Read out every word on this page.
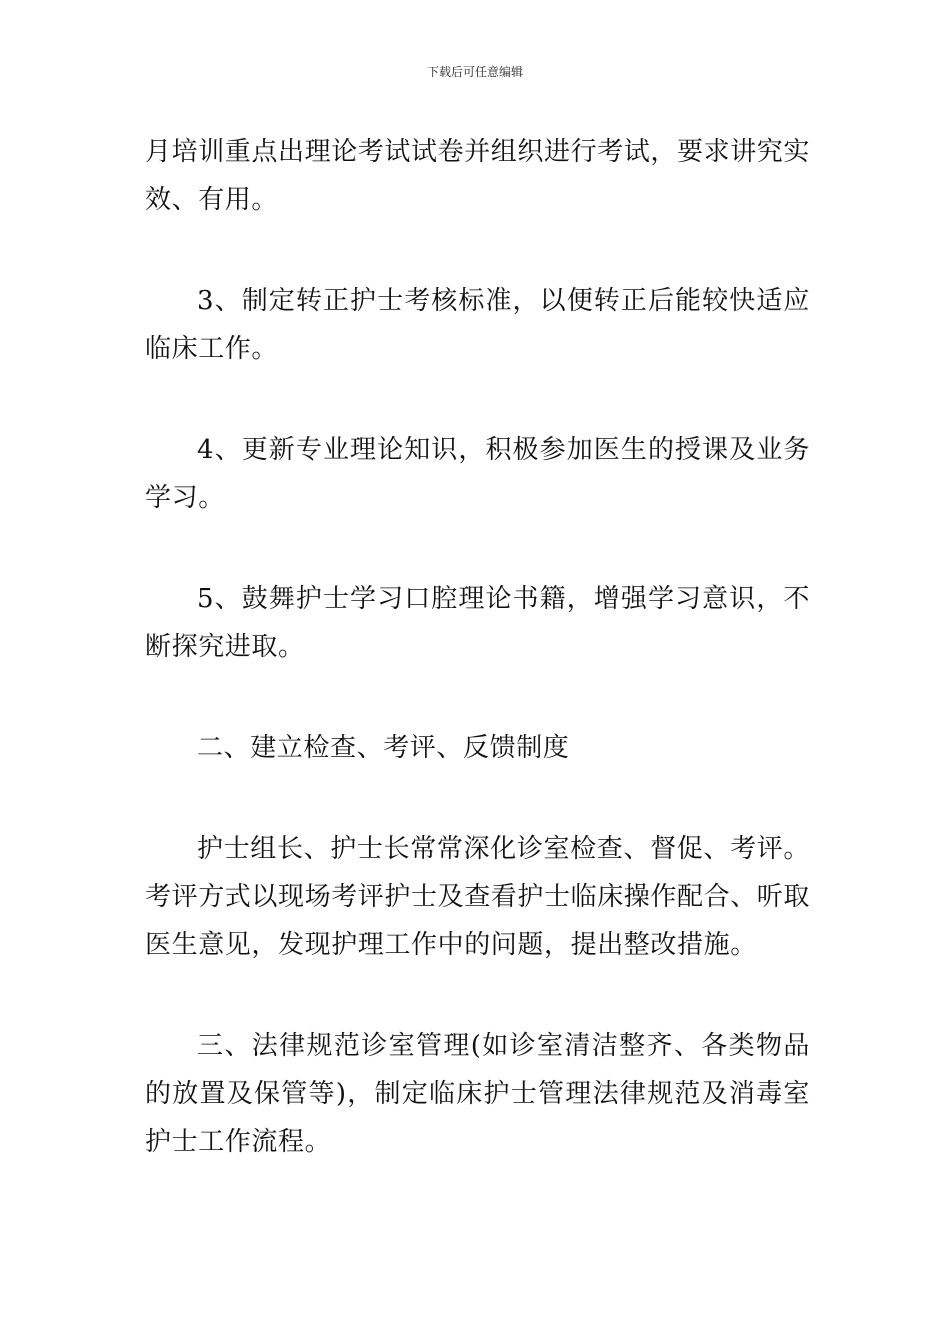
下载后可任意编辑

月培训重点出理论考试试卷并组织进行考试，要求讲究实效、有用。

3、制定转正护士考核标准，以便转正后能较快适应临床工作。

4、更新专业理论知识，积极参加医生的授课及业务学习。

5、鼓舞护士学习口腔理论书籍，增强学习意识，不断探究进取。

二、建立检查、考评、反馈制度

护士组长、护士长常常深化诊室检查、督促、考评。考评方式以现场考评护士及查看护士临床操作配合、听取医生意见，发现护理工作中的问题，提出整改措施。

三、法律规范诊室管理(如诊室清洁整齐、各类物品的放置及保管等)，制定临床护士管理法律规范及消毒室护士工作流程。
